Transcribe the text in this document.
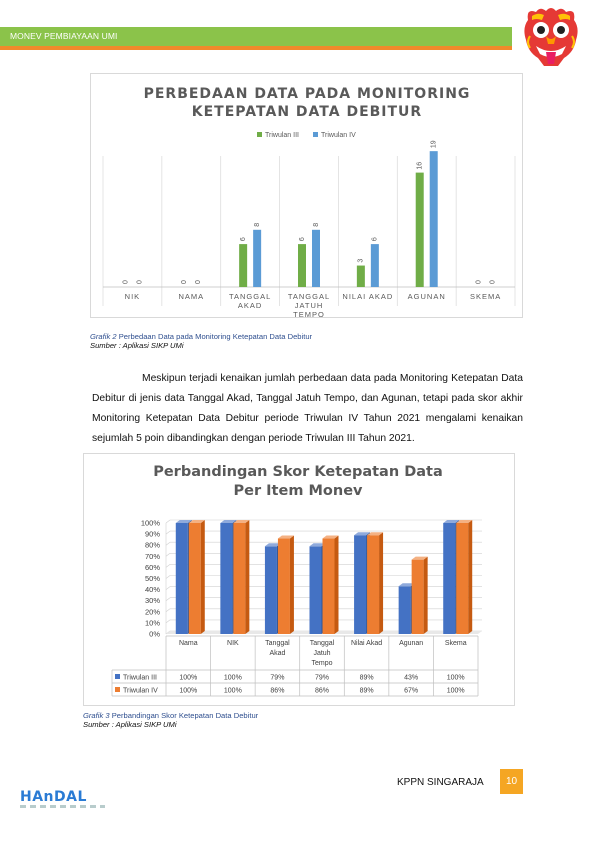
MONEV PEMBIAYAAN UMI
PERBEDAAN DATA PADA MONITORING
KETEPATAN DATA DEBITUR
Triwulan III	Triwulan IV
0 0
NIK
0 0
NAMA
6
8
TANGGAL
AKAD
6
8
TANGGAL
JATUH
TEMPO
3
6
NILAI AKAD
16
19
AGUNAN
0 0
SKEMA
Grafik 2 Perbedaan Data pada Monitoring Ketepatan Data Debitur
Sumber : Aplikasi SIKP UMi
Meskipun terjadi kenaikan jumlah perbedaan data pada Monitoring Ketepatan Data Debitur di jenis data Tanggal Akad, Tanggal Jatuh Tempo, dan Agunan, tetapi pada skor akhir Monitoring Ketepatan Data Debitur periode Triwulan IV Tahun 2021 mengalami kenaikan sejumlah 5 poin dibandingkan dengan periode Triwulan III Tahun 2021.
Perbandingan Skor Ketepatan Data
Per Item Monev
0%
10%
20%
30%
40%
50%
60%
70%
80%
90%
100%
Nama
100%
100%
NIK
100%
100%
Tanggal
Akad
79%
86%
Tanggal
Jatuh
Tempo
79%
86%
Nilai Akad
89%
89%
Agunan
43%
67%
Skema
100%
100%
Triwulan III
Triwulan IV
Grafik 3 Perbandingan Skor Ketepatan Data Debitur
Sumber : Aplikasi SIKP UMi
KPPN SINGARAJA	10
HAnDAL
